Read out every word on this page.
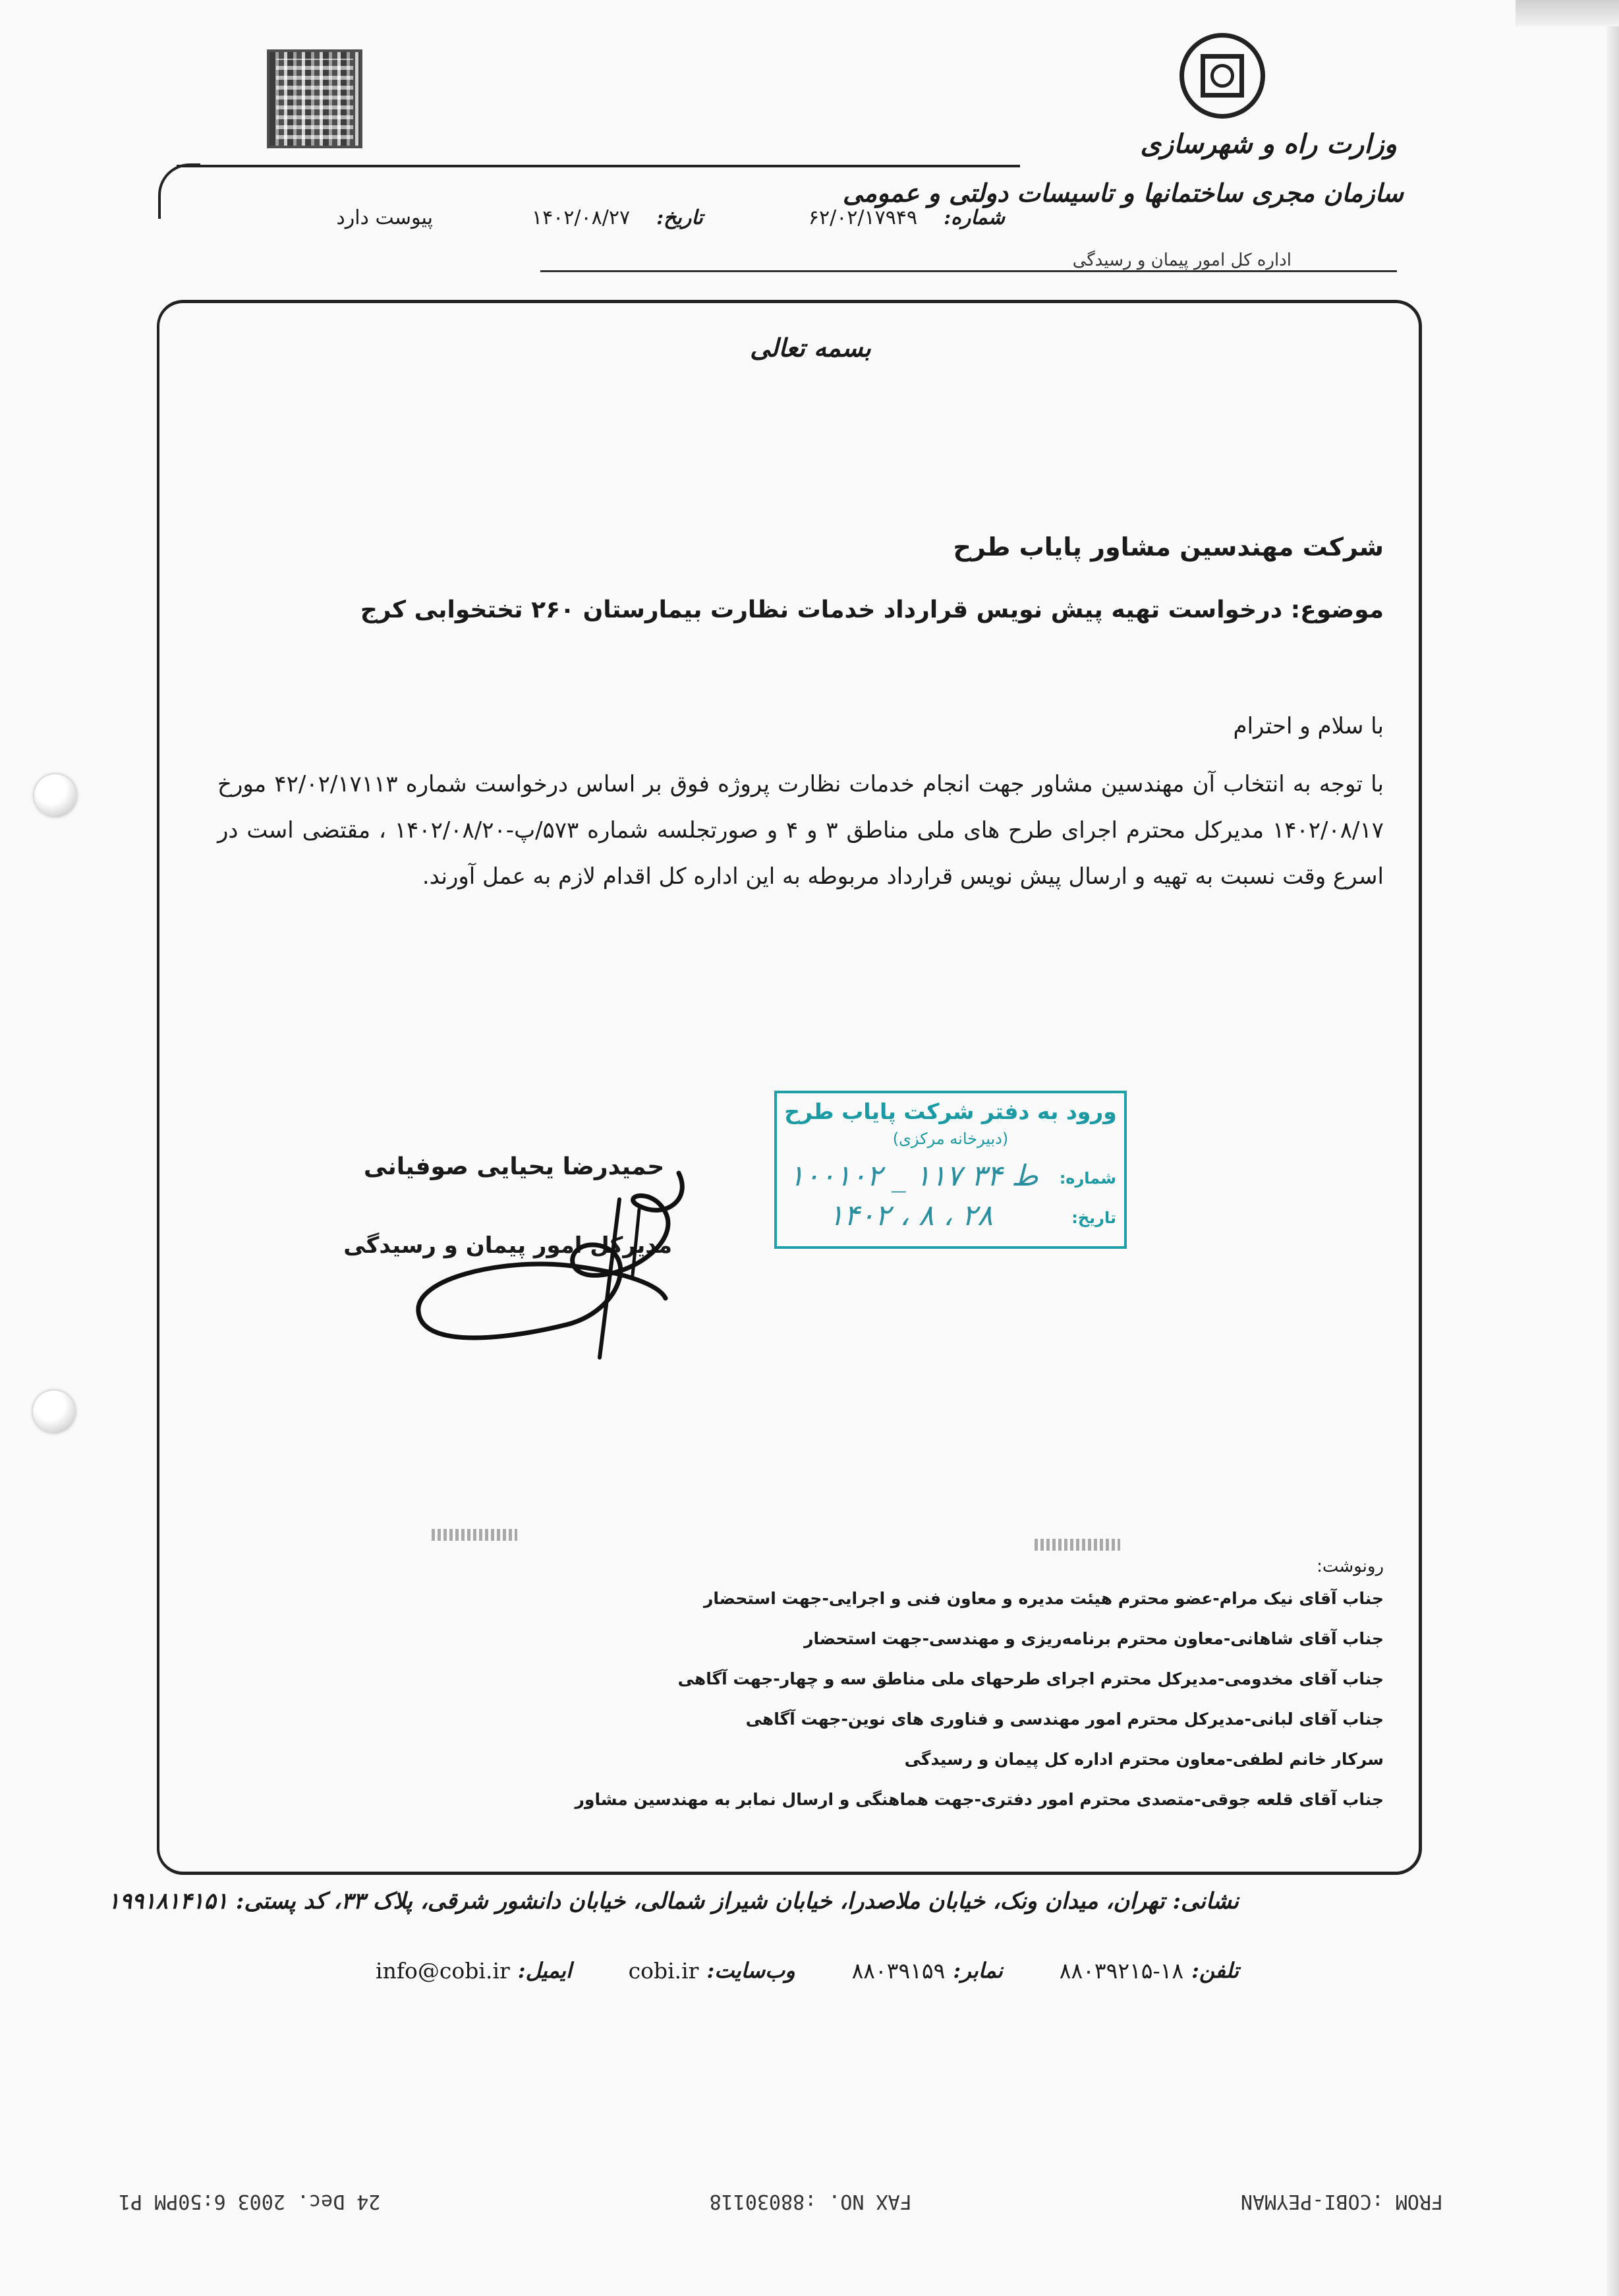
وزارت راه و شهرسازی
سازمان مجری ساختمانها و تاسیسات دولتی و عمومی
اداره کل امور پیمان و رسیدگی
شماره:
۶۲/۰۲/۱۷۹۴۹
تاریخ:
۱۴۰۲/۰۸/۲۷
پیوست دارد
بسمه تعالی
شرکت مهندسین مشاور پایاب طرح
موضوع: درخواست تهیه پیش نویس قرارداد خدمات نظارت بیمارستان ۲۶۰ تختخوابی کرج
با سلام و احترام
با توجه به انتخاب آن مهندسین مشاور جهت انجام خدمات نظارت پروژه فوق بر اساس درخواست شماره ۴۲/۰۲/۱۷۱۱۳ مورخ ۱۴۰۲/۰۸/۱۷ مدیرکل محترم اجرای طرح های ملی مناطق ۳ و ۴ و صورتجلسه شماره ۵۷۳/پ-۱۴۰۲/۰۸/۲۰ ، مقتضی است در اسرع وقت نسبت به تهیه و ارسال پیش نویس قرارداد مربوطه به این اداره کل اقدام لازم به عمل آورند.
ورود به دفتر شرکت پایاب طرح
(دبیرخانه مرکزی)
شماره:
۱۰۰۱۰۲ _ ۱۱۷ ط ۳۴
تاریخ:
۱۴۰۲ ، ۸ ، ۲۸
حمیدرضا یحیایی صوفیانی
مدیرکل امور پیمان و رسیدگی
رونوشت:
جناب آقای نیک مرام-عضو محترم هیئت مدیره و معاون فنی و اجرایی-جهت استحضار
جناب آقای شاهانی-معاون محترم برنامه‌ریزی و مهندسی-جهت استحضار
جناب آقای مخدومی-مدیرکل محترم اجرای طرحهای ملی مناطق سه و چهار-جهت آگاهی
جناب آقای لبانی-مدیرکل محترم امور مهندسی و فناوری های نوین-جهت آگاهی
سرکار خانم لطفی-معاون محترم اداره کل پیمان و رسیدگی
جناب آقای قلعه جوقی-متصدی محترم امور دفتری-جهت هماهنگی و ارسال نمابر به مهندسین مشاور
نشانی: تهران، میدان ونک، خیابان ملاصدرا، خیابان شیراز شمالی، خیابان دانشور شرقی، پلاک ۳۳، کد پستی: ۱۹۹۱۸۱۴۱۵۱
تلفن:
۸۸۰۳۹۲۱۵-۱۸
نمابر:
۸۸۰۳۹۱۵۹
وب‌سایت:
cobi.ir
ایمیل:
info@cobi.ir
FROM :COBI-PEYMAN
FAX NO. :88030118
24 Dec. 2003 6:50PM P1
